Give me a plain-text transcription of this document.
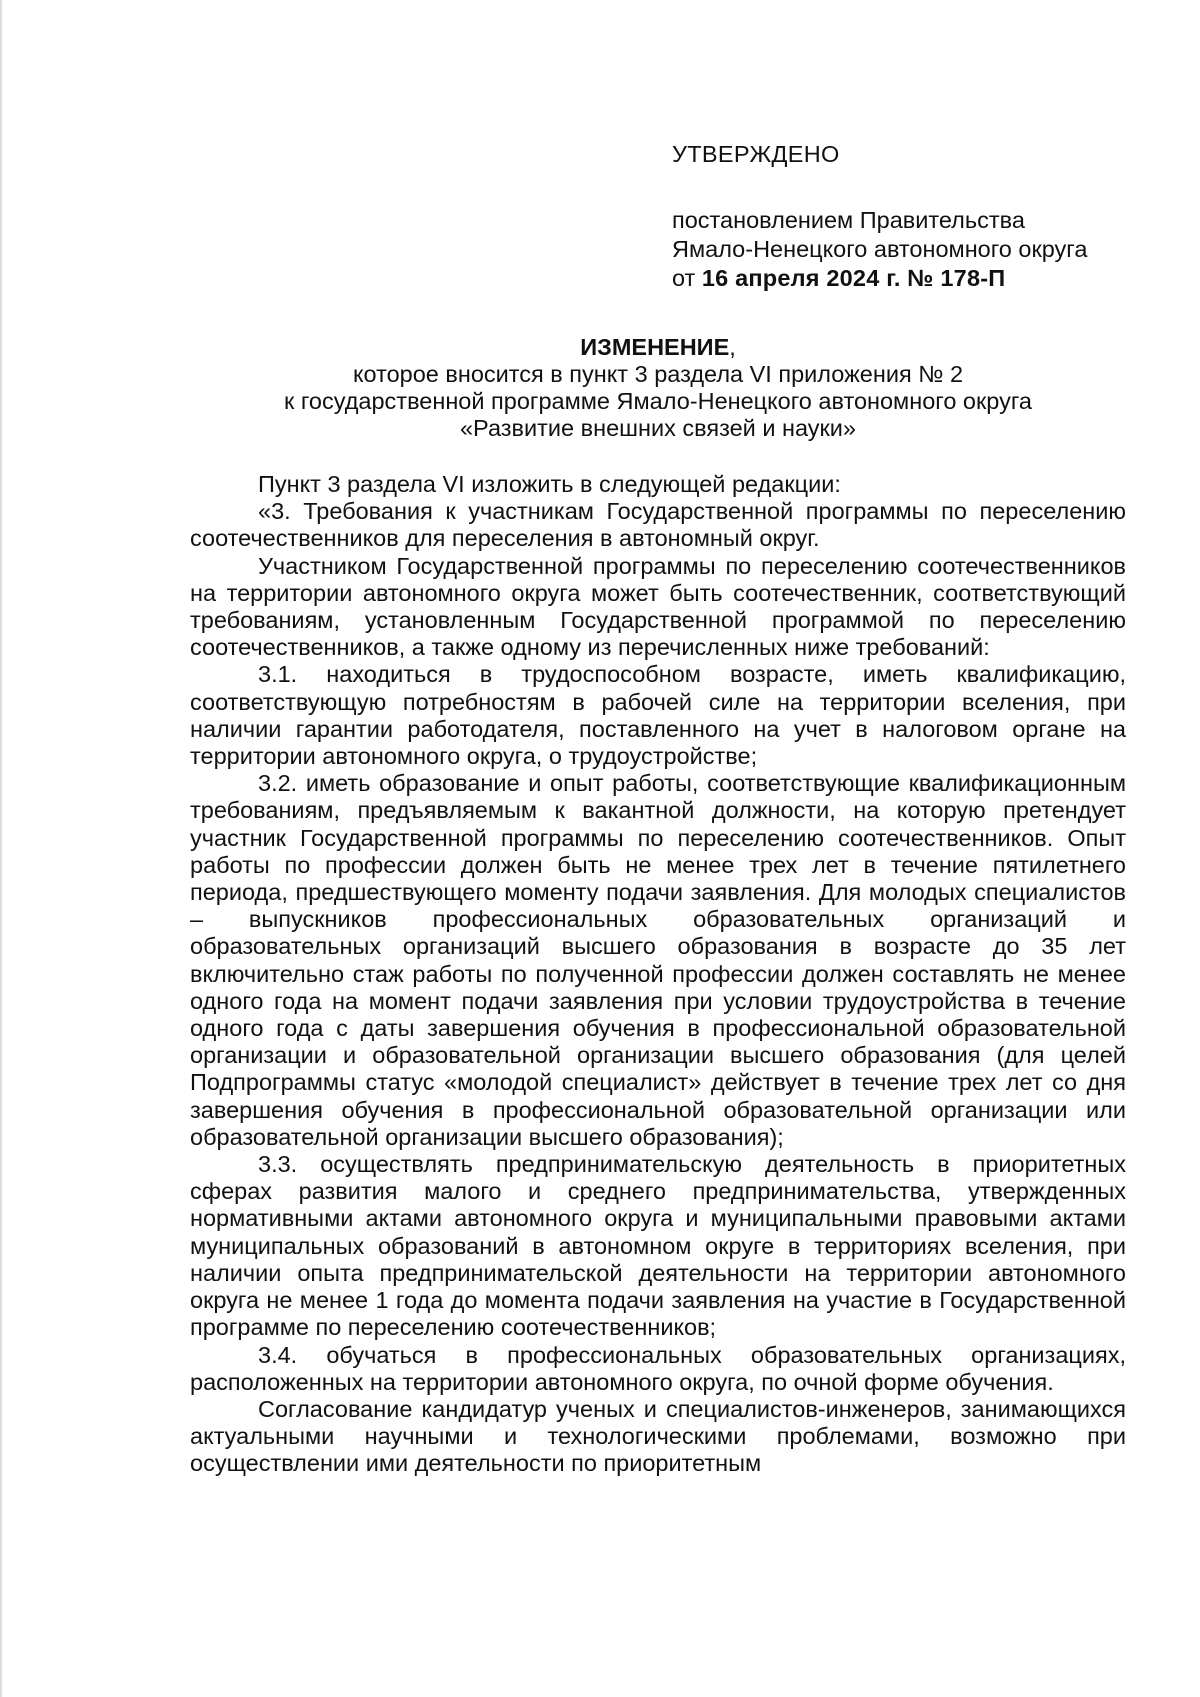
УТВЕРЖДЕНО

постановлением Правительства

Ямало-Ненецкого автономного округа

от 16 апреля 2024 г. № 178-П

ИЗМЕНЕНИЕ,

которое вносится в пункт 3 раздела VI приложения № 2

к государственной программе Ямало-Ненецкого автономного округа

«Развитие внешних связей и науки»

Пункт 3 раздела VI изложить в следующей редакции:

«3. Требования к участникам Государственной программы по переселению соотечественников для переселения в автономный округ.

Участником Государственной программы по переселению соотечественников на территории автономного округа может быть соотечественник, соответствующий требованиям, установленным Государственной программой по переселению соотечественников, а также одному из перечисленных ниже требований:

3.1. находиться в трудоспособном возрасте, иметь квалификацию, соответствующую потребностям в рабочей силе на территории вселения, при наличии гарантии работодателя, поставленного на учет в налоговом органе на территории автономного округа, о трудоустройстве;

3.2. иметь образование и опыт работы, соответствующие квалификационным требованиям, предъявляемым к вакантной должности, на которую претендует участник Государственной программы по переселению соотечественников. Опыт работы по профессии должен быть не менее трех лет в течение пятилетнего периода, предшествующего моменту подачи заявления. Для молодых специалистов – выпускников профессиональных образовательных организаций и образовательных организаций высшего образования в возрасте до 35 лет включительно стаж работы по полученной профессии должен составлять не менее одного года на момент подачи заявления при условии трудоустройства в течение одного года с даты завершения обучения в профессиональной образовательной организации и образовательной организации высшего образования (для целей Подпрограммы статус «молодой специалист» действует в течение трех лет со дня завершения обучения в профессиональной образовательной организации или образовательной организации высшего образования);

3.3. осуществлять предпринимательскую деятельность в приоритетных сферах развития малого и среднего предпринимательства, утвержденных нормативными актами автономного округа и муниципальными правовыми актами муниципальных образований в автономном округе в территориях вселения, при наличии опыта предпринимательской деятельности на территории автономного округа не менее 1 года до момента подачи заявления на участие в Государственной программе по переселению соотечественников;

3.4. обучаться в профессиональных образовательных организациях, расположенных на территории автономного округа, по очной форме обучения.

Согласование кандидатур ученых и специалистов-инженеров, занимающихся актуальными научными и технологическими проблемами, возможно при осуществлении ими деятельности по приоритетным
